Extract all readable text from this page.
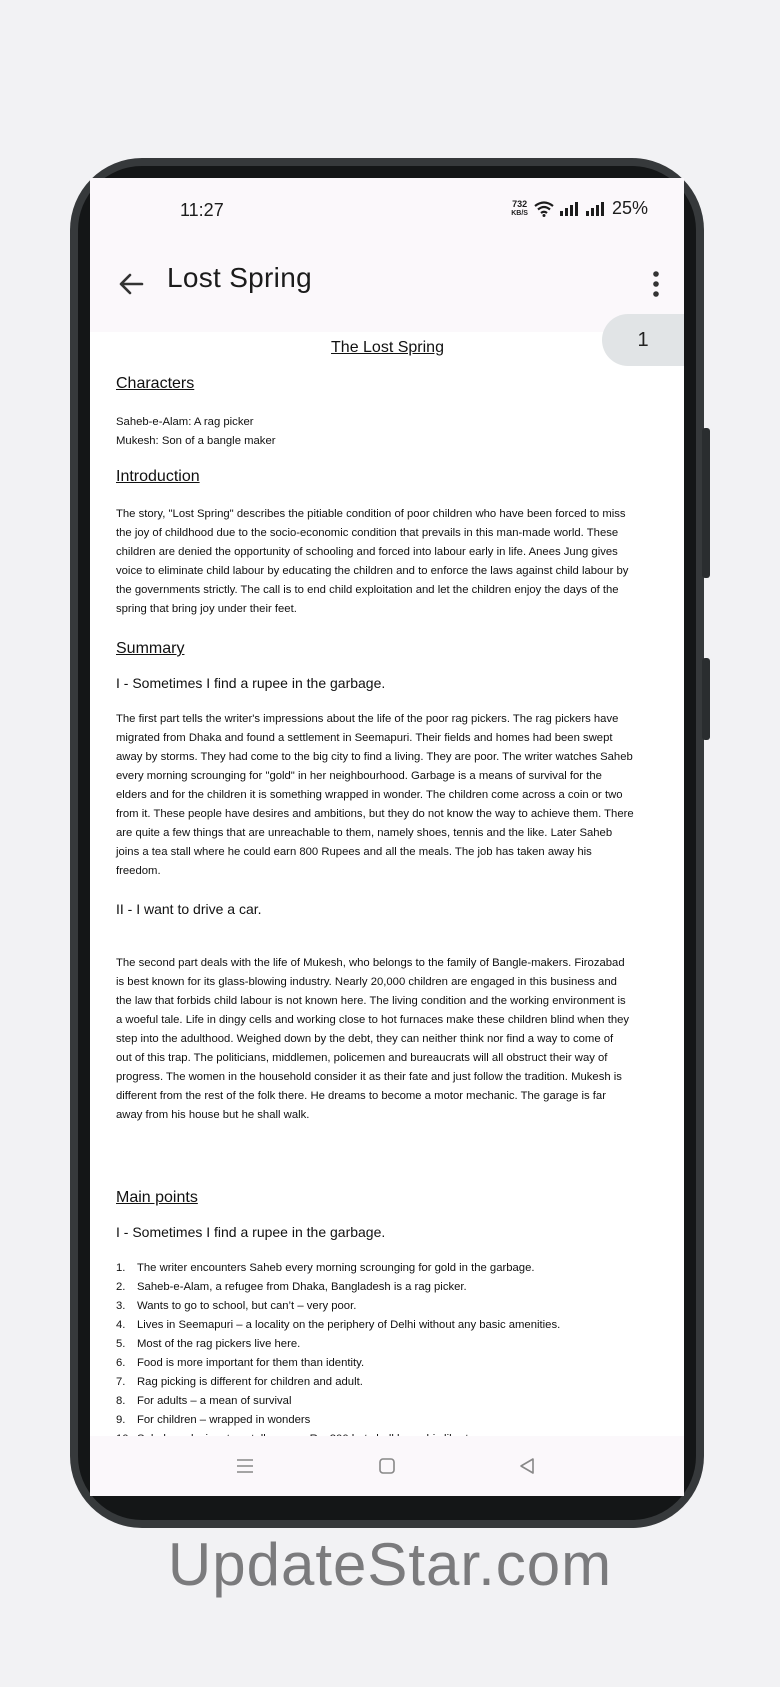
11:27	732
KB/S	25%
Lost Spring

The Lost Spring

Characters

Saheb-e-Alam: A rag picker

Mukesh: Son of a bangle maker

Introduction

The story, "Lost Spring" describes the pitiable condition of poor children who have been forced to miss

the joy of childhood due to the socio-economic condition that prevails in this man-made world. These

children are denied the opportunity of schooling and forced into labour early in life. Anees Jung gives

voice to eliminate child labour by educating the children and to enforce the laws against child labour by

the governments strictly. The call is to end child exploitation and let the children enjoy the days of the

spring that bring joy under their feet.

Summary

I - Sometimes I find a rupee in the garbage.

The first part tells the writer's impressions about the life of the poor rag pickers. The rag pickers have

migrated from Dhaka and found a settlement in Seemapuri. Their fields and homes had been swept

away by storms. They had come to the big city to find a living. They are poor. The writer watches Saheb

every morning scrounging for "gold" in her neighbourhood. Garbage is a means of survival for the

elders and for the children it is something wrapped in wonder. The children come across a coin or two

from it. These people have desires and ambitions, but they do not know the way to achieve them. There

are quite a few things that are unreachable to them, namely shoes, tennis and the like. Later Saheb

joins a tea stall where he could earn 800 Rupees and all the meals. The job has taken away his

freedom.

II - I want to drive a car.

The second part deals with the life of Mukesh, who belongs to the family of Bangle-makers. Firozabad

is best known for its glass-blowing industry. Nearly 20,000 children are engaged in this business and

the law that forbids child labour is not known here. The living condition and the working environment is

a woeful tale. Life in dingy cells and working close to hot furnaces make these children blind when they

step into the adulthood. Weighed down by the debt, they can neither think nor find a way to come of

out of this trap. The politicians, middlemen, policemen and bureaucrats will all obstruct their way of

progress. The women in the household consider it as their fate and just follow the tradition. Mukesh is

different from the rest of the folk there. He dreams to become a motor mechanic. The garage is far

away from his house but he shall walk.

Main points

I - Sometimes I find a rupee in the garbage.

1. The writer encounters Saheb every morning scrounging for gold in the garbage.
2. Saheb-e-Alam, a refugee from Dhaka, Bangladesh is a rag picker.
3. Wants to go to school, but can’t – very poor.
4. Lives in Seemapuri – a locality on the periphery of Delhi without any basic amenities.
5. Most of the rag pickers live here.
6. Food is more important for them than identity.
7. Rag picking is different for children and adult.
8. For adults – a mean of survival
9. For children – wrapped in wonders
1
UpdateStar.com
